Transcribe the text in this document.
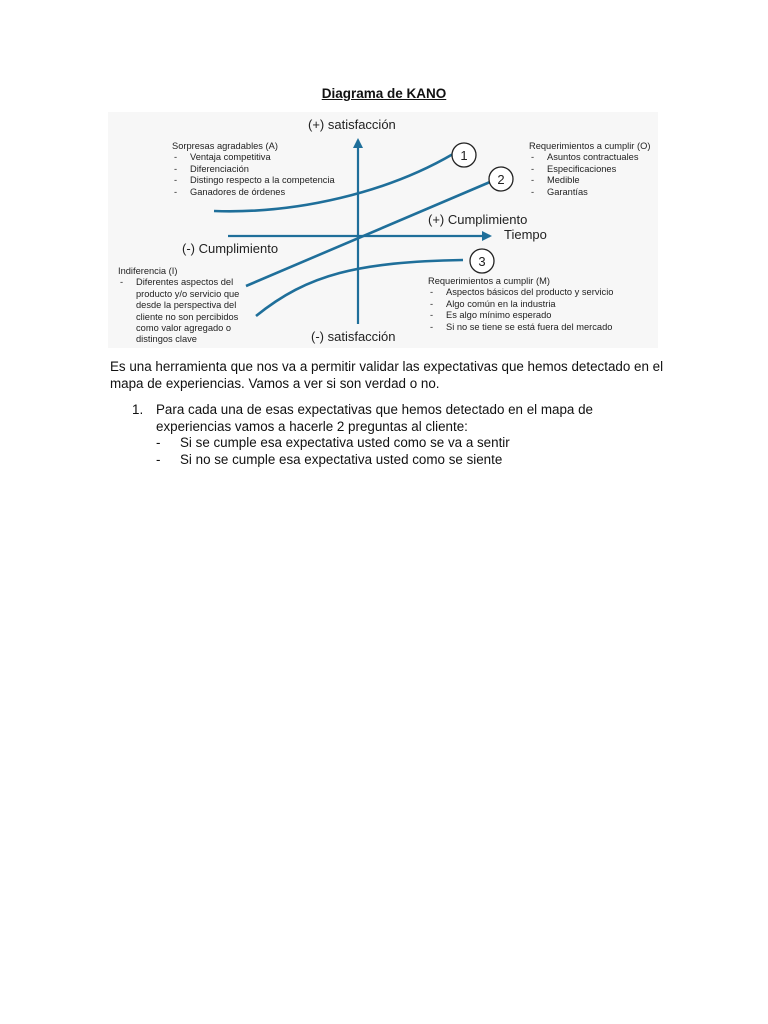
Diagrama de KANO
1
2
3
(+) satisfacción
(-) satisfacción
(-) Cumplimiento
(+) Cumplimiento
Tiempo
Sorpresas agradables (A)
- Ventaja competitiva
- Diferenciación
- Distingo respecto a la competencia
- Ganadores de órdenes
Requerimientos a cumplir (O)
- Asuntos contractuales
- Especificaciones
- Medible
- Garantías
Indiferencia (I)
- Diferentes aspectos del producto y/o servicio que desde la perspectiva del cliente no son percibidos como valor agregado o distingos clave
Requerimientos a cumplir (M)
- Aspectos básicos del producto y servicio
- Algo común en la industria
- Es algo mínimo esperado
- Si no se tiene se está fuera del mercado
Es una herramienta que nos va a permitir validar las expectativas que hemos detectado en el mapa de experiencias. Vamos a ver si son verdad o no.
1. Para cada una de esas expectativas que hemos detectado en el mapa de experiencias vamos a hacerle 2 preguntas al cliente:
- Si se cumple esa expectativa usted como se va a sentir
- Si no se cumple esa expectativa usted como se siente
